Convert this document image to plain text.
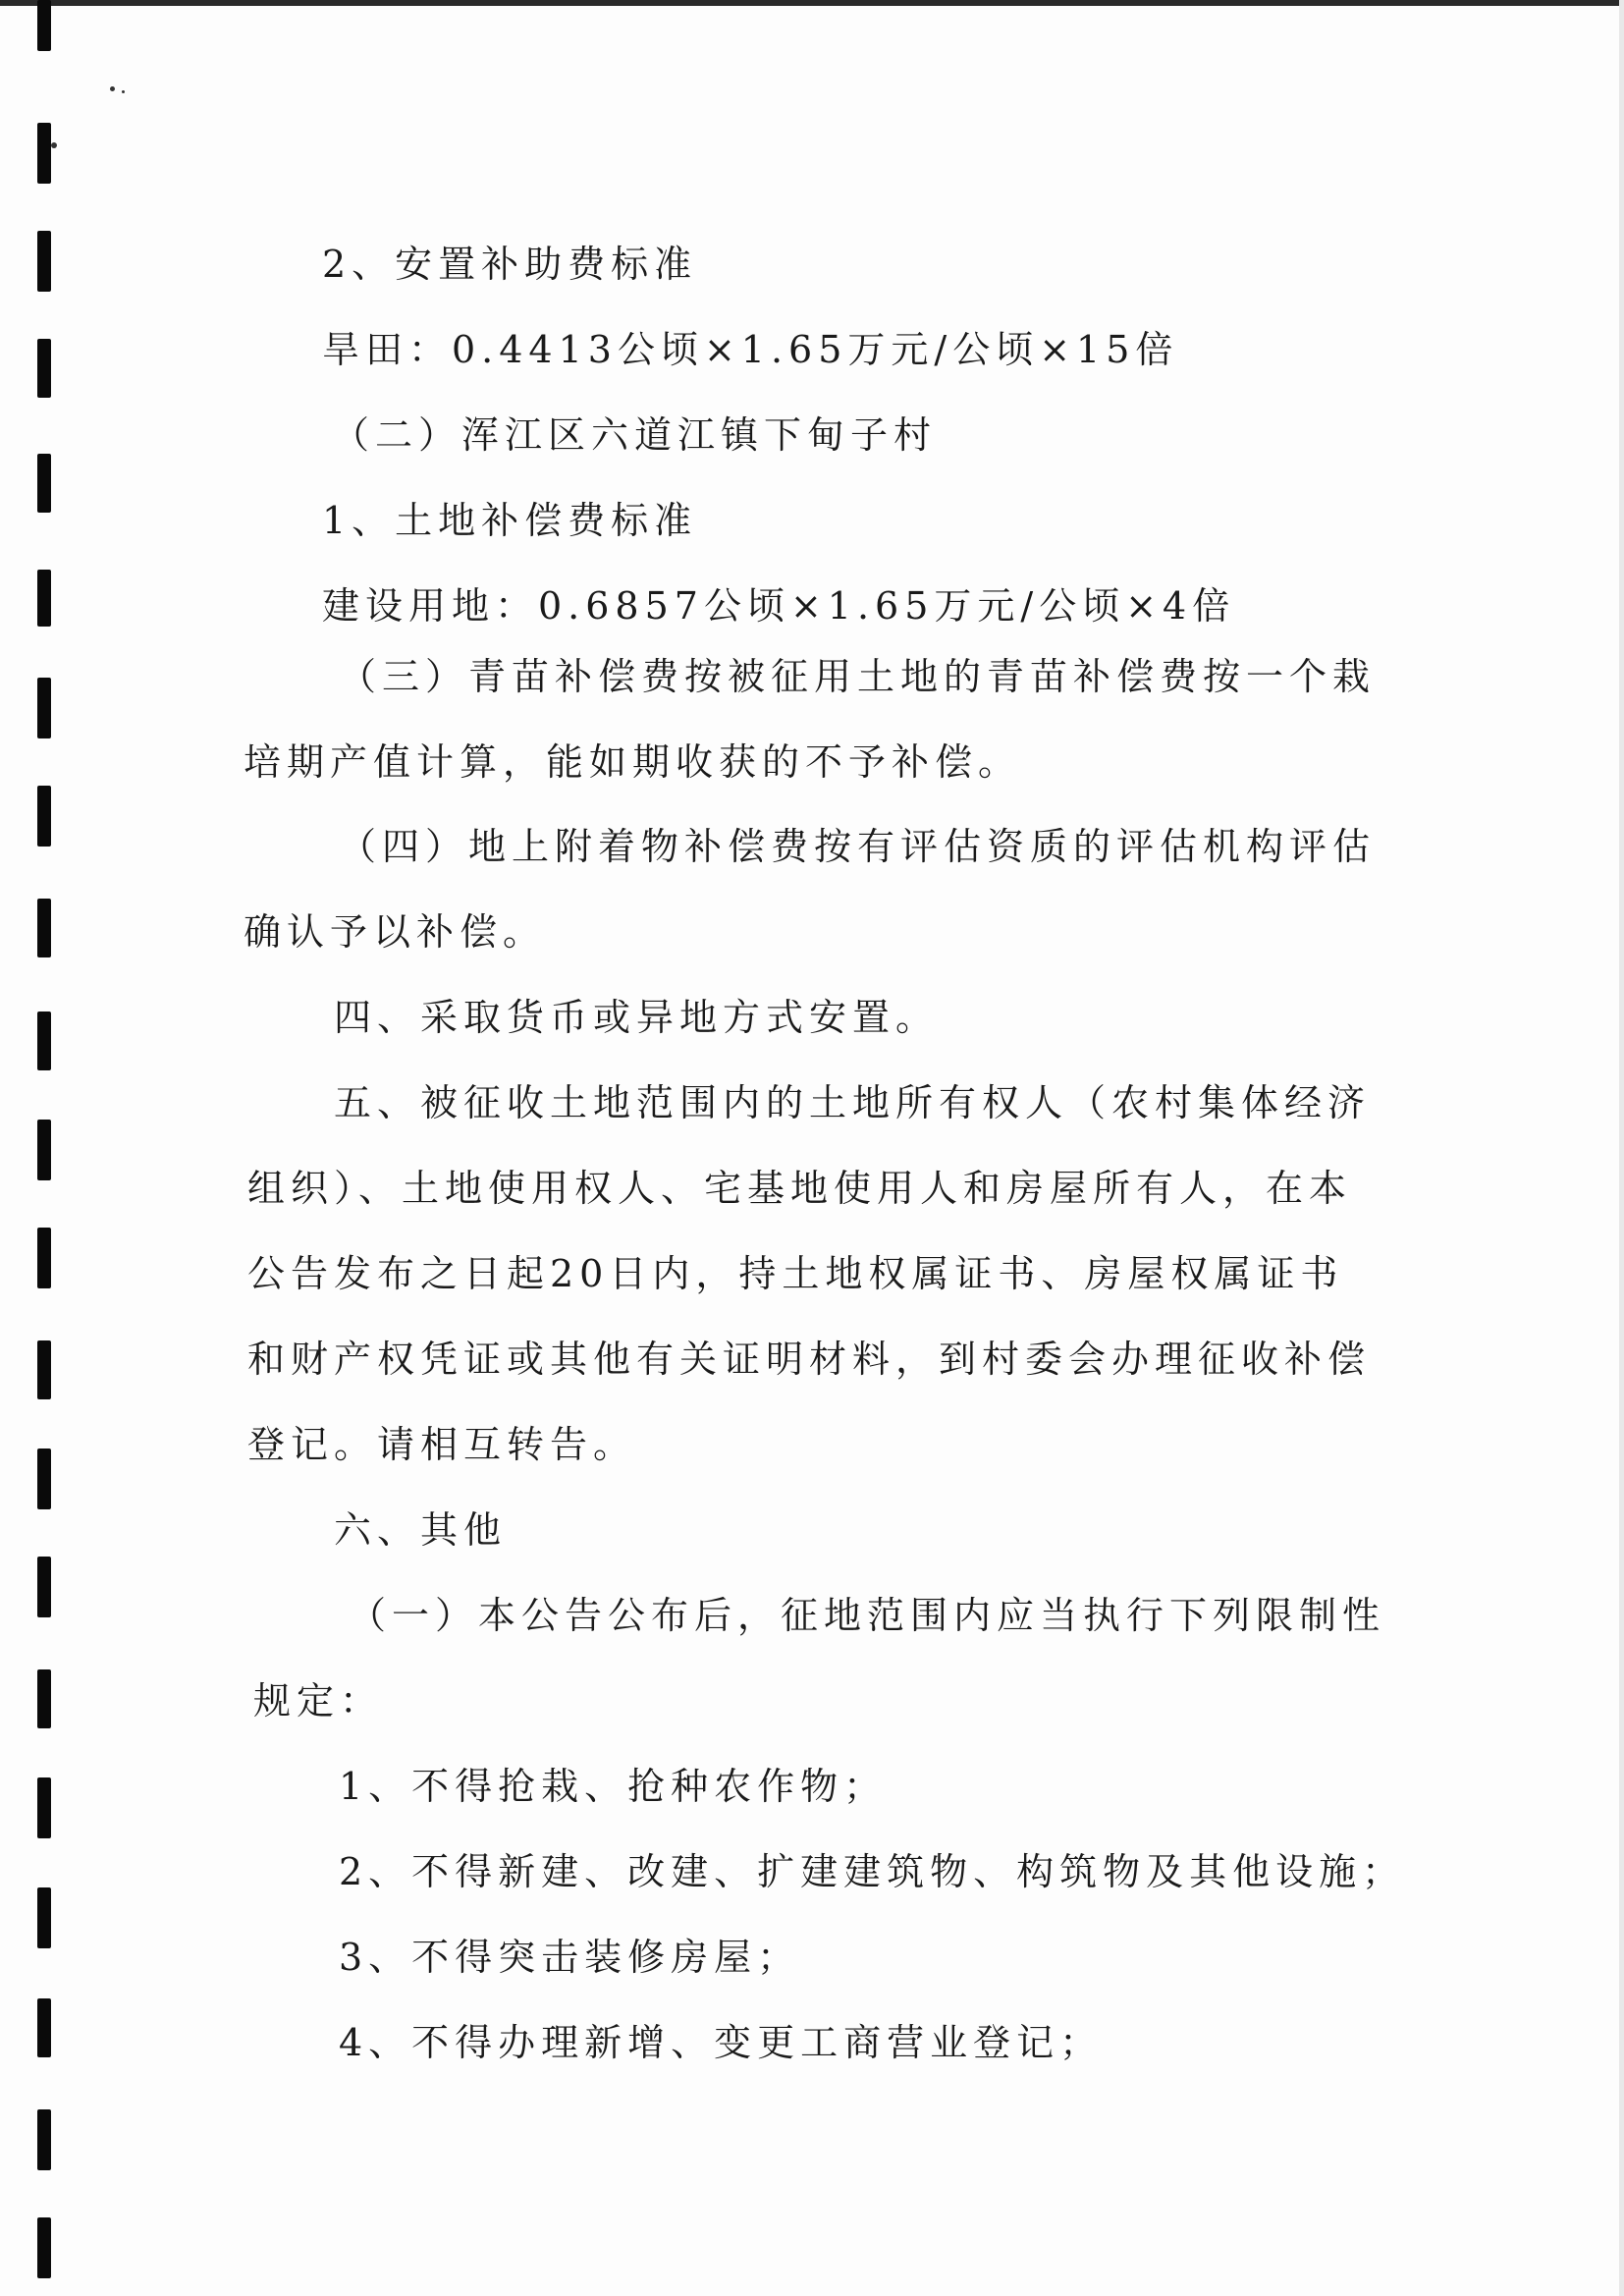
2、安置补助费标准
旱田：0.4413公顷×1.65万元/公顷×15倍
（二）浑江区六道江镇下甸子村
1、土地补偿费标准
建设用地：0.6857公顷×1.65万元/公顷×4倍
（三）青苗补偿费按被征用土地的青苗补偿费按一个栽
培期产值计算，能如期收获的不予补偿。
（四）地上附着物补偿费按有评估资质的评估机构评估
确认予以补偿。
四、采取货币或异地方式安置。
五、被征收土地范围内的土地所有权人（农村集体经济
组织）、土地使用权人、宅基地使用人和房屋所有人，在本
公告发布之日起20日内，持土地权属证书、房屋权属证书
和财产权凭证或其他有关证明材料，到村委会办理征收补偿
登记。请相互转告。
六、其他
（一）本公告公布后，征地范围内应当执行下列限制性
规定：
1、不得抢栽、抢种农作物；
2、不得新建、改建、扩建建筑物、构筑物及其他设施；
3、不得突击装修房屋；
4、不得办理新增、变更工商营业登记；
